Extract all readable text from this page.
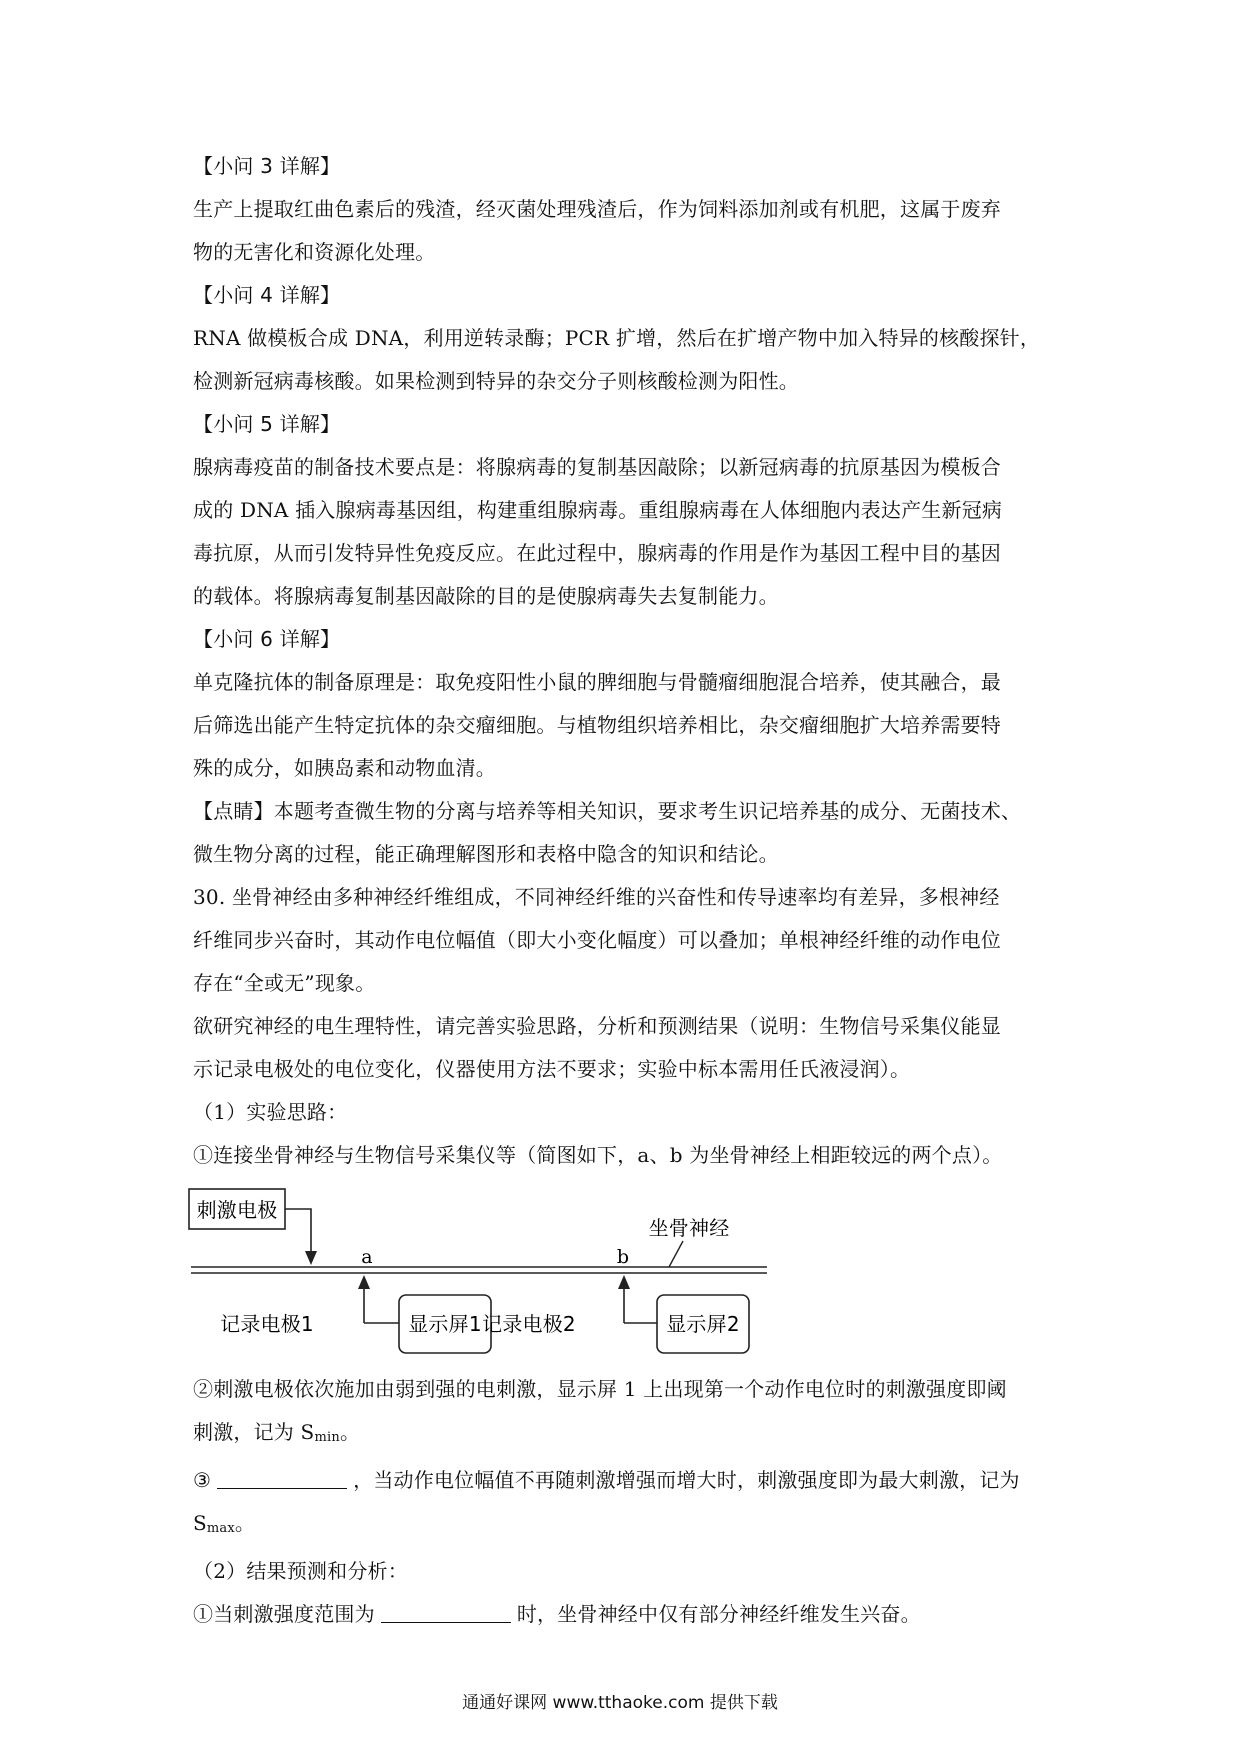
【小问 3 详解】

生产上提取红曲色素后的残渣，经灭菌处理残渣后，作为饲料添加剂或有机肥，这属于废弃

物的无害化和资源化处理。

【小问 4 详解】

RNA 做模板合成 DNA，利用逆转录酶；PCR 扩增，然后在扩增产物中加入特异的核酸探针，

检测新冠病毒核酸。如果检测到特异的杂交分子则核酸检测为阳性。

【小问 5 详解】

腺病毒疫苗的制备技术要点是：将腺病毒的复制基因敲除；以新冠病毒的抗原基因为模板合

成的 DNA 插入腺病毒基因组，构建重组腺病毒。重组腺病毒在人体细胞内表达产生新冠病

毒抗原，从而引发特异性免疫反应。在此过程中，腺病毒的作用是作为基因工程中目的基因

的载体。将腺病毒复制基因敲除的目的是使腺病毒失去复制能力。

【小问 6 详解】

单克隆抗体的制备原理是：取免疫阳性小鼠的脾细胞与骨髓瘤细胞混合培养，使其融合，最

后筛选出能产生特定抗体的杂交瘤细胞。与植物组织培养相比，杂交瘤细胞扩大培养需要特

殊的成分，如胰岛素和动物血清。

【点睛】本题考查微生物的分离与培养等相关知识，要求考生识记培养基的成分、无菌技术、

微生物分离的过程，能正确理解图形和表格中隐含的知识和结论。

30. 坐骨神经由多种神经纤维组成，不同神经纤维的兴奋性和传导速率均有差异，多根神经

纤维同步兴奋时，其动作电位幅值（即大小变化幅度）可以叠加；单根神经纤维的动作电位

存在“全或无”现象。

欲研究神经的电生理特性，请完善实验思路，分析和预测结果（说明：生物信号采集仪能显

示记录电极处的电位变化，仪器使用方法不要求；实验中标本需用任氏液浸润）。

（1）实验思路：

①连接坐骨神经与生物信号采集仪等（简图如下，a、b 为坐骨神经上相距较远的两个点）。

刺激电极
a	b
坐骨神经
记录电极1	显示屏1 记录电极2	显示屏2

②刺激电极依次施加由弱到强的电刺激，显示屏 1 上出现第一个动作电位时的刺激强度即阈

刺激，记为 $S_{min}$。

③	，当动作电位幅值不再随刺激增强而增大时，刺激强度即为最大刺激，记为

$S_{max}$。

（2）结果预测和分析：

①当刺激强度范围为	时，坐骨神经中仅有部分神经纤维发生兴奋。

通通好课网 www.tthaoke.com 提供下载
